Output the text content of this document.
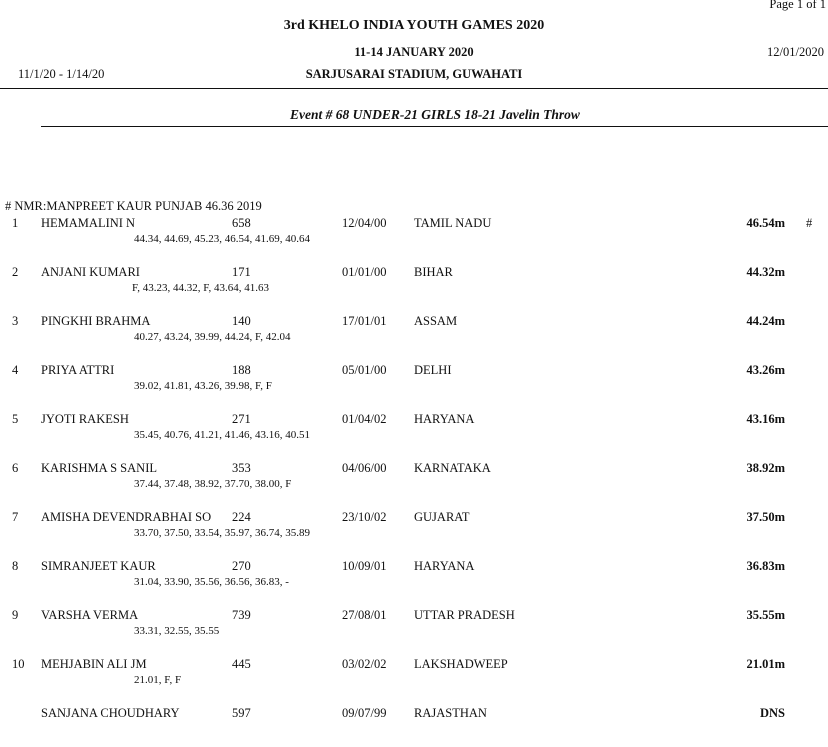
Page 1 of 1
3rd KHELO INDIA YOUTH GAMES 2020
11-14 JANUARY 2020	12/01/2020
11/1/20 - 1/14/20	SARJUSARAI STADIUM, GUWAHATI
Event # 68 UNDER-21 GIRLS 18-21 Javelin Throw
# NMR:MANPREET KAUR PUNJAB 46.36 2019
1 HEMAMALINI N	658	12/04/00 TAMIL NADU	46.54m #
44.34, 44.69, 45.23, 46.54, 41.69, 40.64
2 ANJANI KUMARI	171	01/01/00 BIHAR	44.32m
F, 43.23, 44.32, F, 43.64, 41.63
3 PINGKHI BRAHMA	140	17/01/01 ASSAM	44.24m
40.27, 43.24, 39.99, 44.24, F, 42.04
4 PRIYA ATTRI	188	05/01/00 DELHI	43.26m
39.02, 41.81, 43.26, 39.98, F, F
5 JYOTI RAKESH	271	01/04/02 HARYANA	43.16m
35.45, 40.76, 41.21, 41.46, 43.16, 40.51
6 KARISHMA S SANIL	353	04/06/00 KARNATAKA	38.92m
37.44, 37.48, 38.92, 37.70, 38.00, F
7 AMISHA DEVENDRABHAI SO 224	23/10/02 GUJARAT	37.50m
33.70, 37.50, 33.54, 35.97, 36.74, 35.89
8 SIMRANJEET KAUR	270	10/09/01 HARYANA	36.83m
31.04, 33.90, 35.56, 36.56, 36.83, -
9 VARSHA VERMA	739	27/08/01 UTTAR PRADESH	35.55m
33.31, 32.55, 35.55
10 MEHJABIN ALI JM	445	03/02/02 LAKSHADWEEP	21.01m
21.01, F, F
SANJANA CHOUDHARY	597	09/07/99 RAJASTHAN	DNS
